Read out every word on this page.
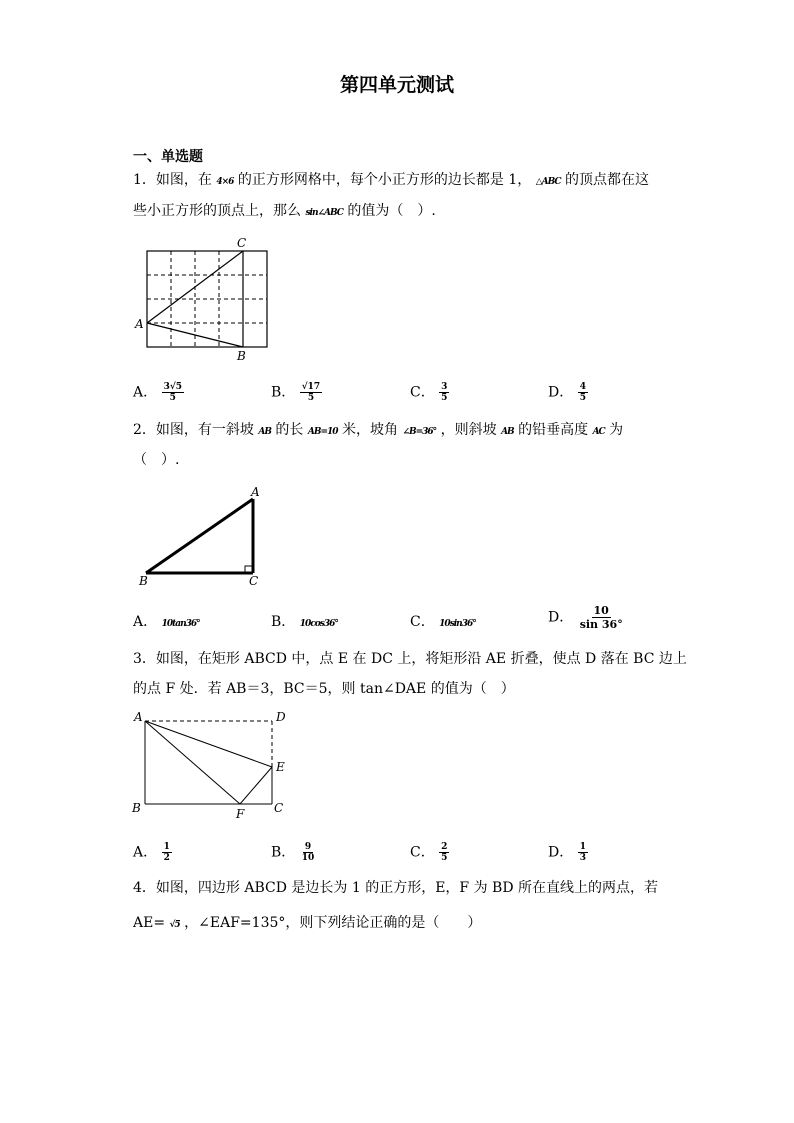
第四单元测试
一、单选题
1．如图，在 4×6 的正方形网格中，每个小正方形的边长都是 1， △ABC 的顶点都在这
些小正方形的顶点上，那么 sin∠ABC 的值为（　）.
A
B
C
A． $\frac{3√5}{5}$	B． $\frac{√17}{5}$	C． $\frac{3}{5}$	D． $\frac{4}{5}$
2．如图，有一斜坡 AB 的长 AB=10 米，坡角 ∠B=36° ，则斜坡 AB 的铅垂高度 AC 为
（　）.
A
B	C
A． 10tan36°	B． 10cos36°	C． 10sin36°	D． $\frac{10}{\sin 36^\circ}$
3．如图，在矩形 ABCD 中，点 E 在 DC 上，将矩形沿 AE 折叠，使点 D 落在 BC 边上
的点 F 处．若 AB＝3，BC＝5，则 tan∠DAE 的值为（　）
A	D
E
B	C
F
A． $\frac{1}{2}$	B． $\frac{9}{10}$	C． $\frac{2}{5}$	D． $\frac{1}{3}$
4．如图，四边形 ABCD 是边长为 1 的正方形，E，F 为 BD 所在直线上的两点，若
AE= √5 ，∠EAF=135°，则下列结论正确的是（　　）
